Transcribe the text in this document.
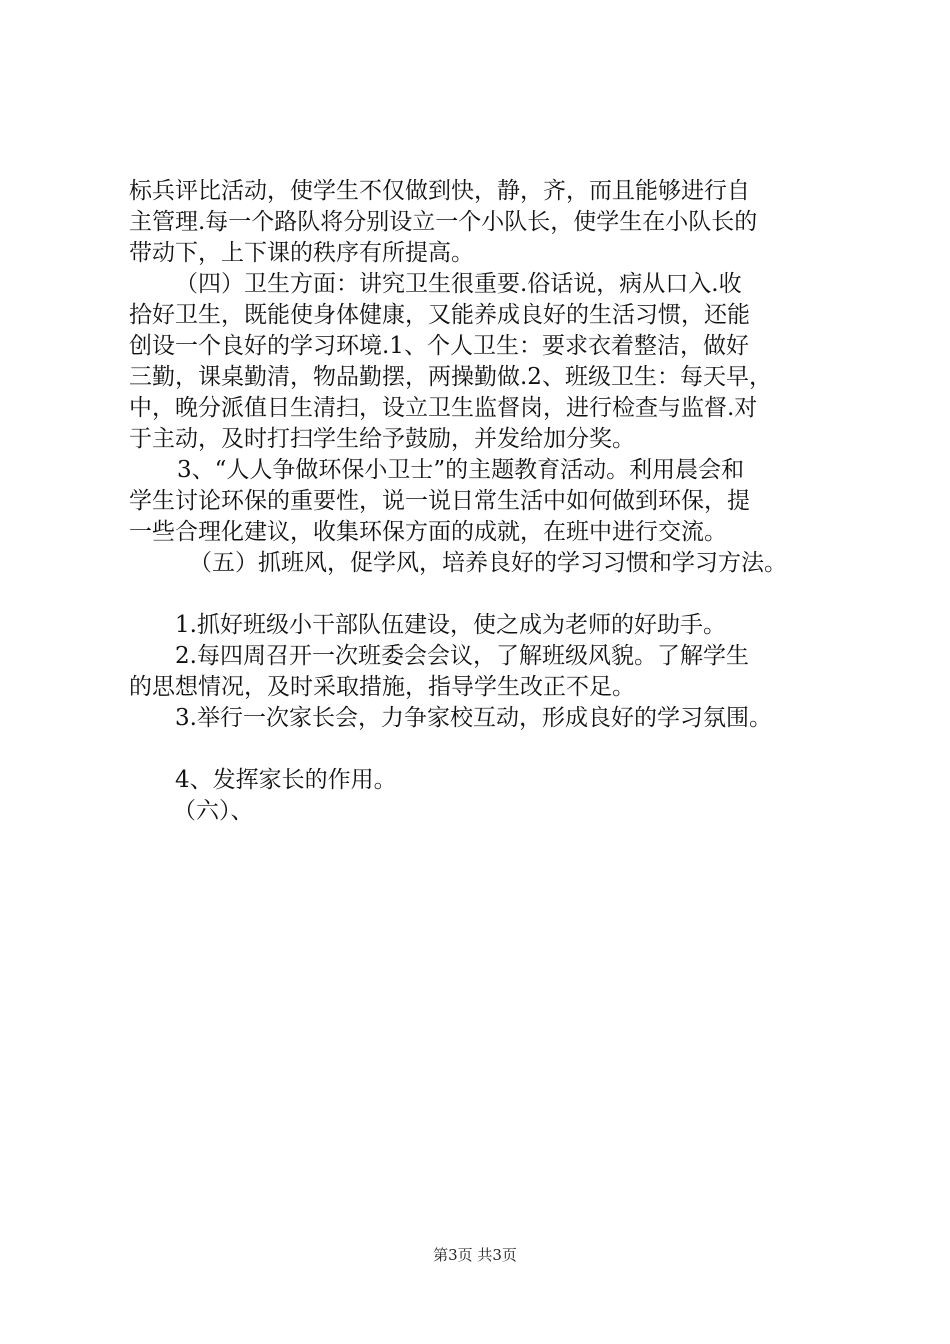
标兵评比活动，使学生不仅做到快，静，齐，而且能够进行自
主管理.每一个路队将分别设立一个小队长，使学生在小队长的
带动下，上下课的秩序有所提高。
（四）卫生方面：讲究卫生很重要.俗话说，病从口入.收
拾好卫生，既能使身体健康，又能养成良好的生活习惯，还能
创设一个良好的学习环境.1、个人卫生：要求衣着整洁，做好
三勤，课桌勤清，物品勤摆，两操勤做.2、班级卫生：每天早，
中，晚分派值日生清扫，设立卫生监督岗，进行检查与监督.对
于主动，及时打扫学生给予鼓励，并发给加分奖。
3、“人人争做环保小卫士”的主题教育活动。利用晨会和
学生讨论环保的重要性，说一说日常生活中如何做到环保，提
一些合理化建议，收集环保方面的成就，在班中进行交流。
（五）抓班风，促学风，培养良好的学习习惯和学习方法。
1.抓好班级小干部队伍建设，使之成为老师的好助手。
2.每四周召开一次班委会会议，了解班级风貌。了解学生
的思想情况，及时采取措施，指导学生改正不足。
3.举行一次家长会，力争家校互动，形成良好的学习氛围。
4、发挥家长的作用。
（六）、
第3页 共3页
